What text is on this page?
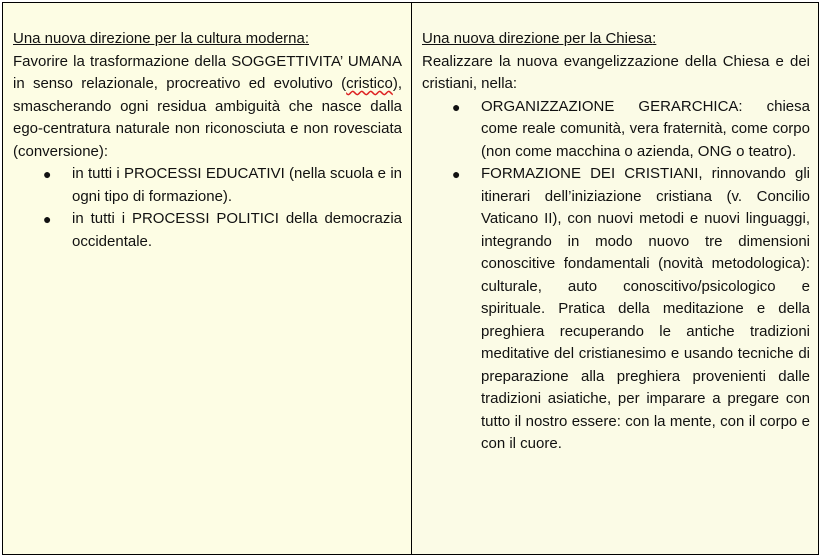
Una nuova direzione per la cultura moderna:
Favorire la trasformazione della SOGGETTIVITA’ UMANA in senso relazionale, procreativo ed evolutivo (cristico), smascherando ogni residua ambiguità che nasce dalla ego-centratura naturale non riconosciuta e non rovesciata (conversione):
● in tutti i PROCESSI EDUCATIVI (nella scuola e in ogni tipo di formazione).
● in tutti i PROCESSI POLITICI della democrazia occidentale.
Una nuova direzione per la Chiesa:
Realizzare la nuova evangelizzazione della Chiesa e dei cristiani, nella:
● ORGANIZZAZIONE GERARCHICA: chiesa come reale comunità, vera fraternità, come corpo (non come macchina o azienda, ONG o teatro).
● FORMAZIONE DEI CRISTIANI, rinnovando gli itinerari dell’iniziazione cristiana (v. Concilio Vaticano II), con nuovi metodi e nuovi linguaggi, integrando in modo nuovo tre dimensioni conoscitive fondamentali (novità metodologica): culturale, auto conoscitivo/psicologico e spirituale. Pratica della meditazione e della preghiera recuperando le antiche tradizioni meditative del cristianesimo e usando tecniche di preparazione alla preghiera provenienti dalle tradizioni asiatiche, per imparare a pregare con tutto il nostro essere: con la mente, con il corpo e con il cuore.
